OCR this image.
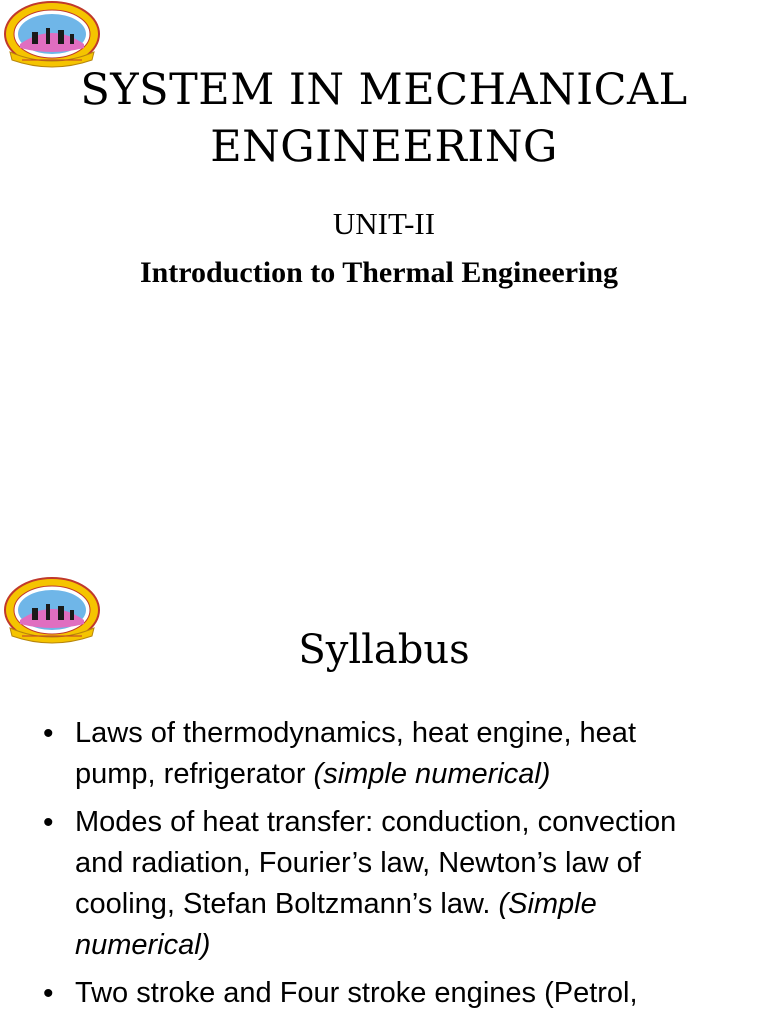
SYSTEM IN MECHANICAL
ENGINEERING
UNIT-II
Introduction to Thermal Engineering
Syllabus
• Laws of thermodynamics, heat engine, heat pump, refrigerator (simple numerical)
• Modes of heat transfer: conduction, convection and radiation, Fourier’s law, Newton’s law of cooling, Stefan Boltzmann’s law. (Simple numerical)
• Two stroke and Four stroke engines (Petrol,
